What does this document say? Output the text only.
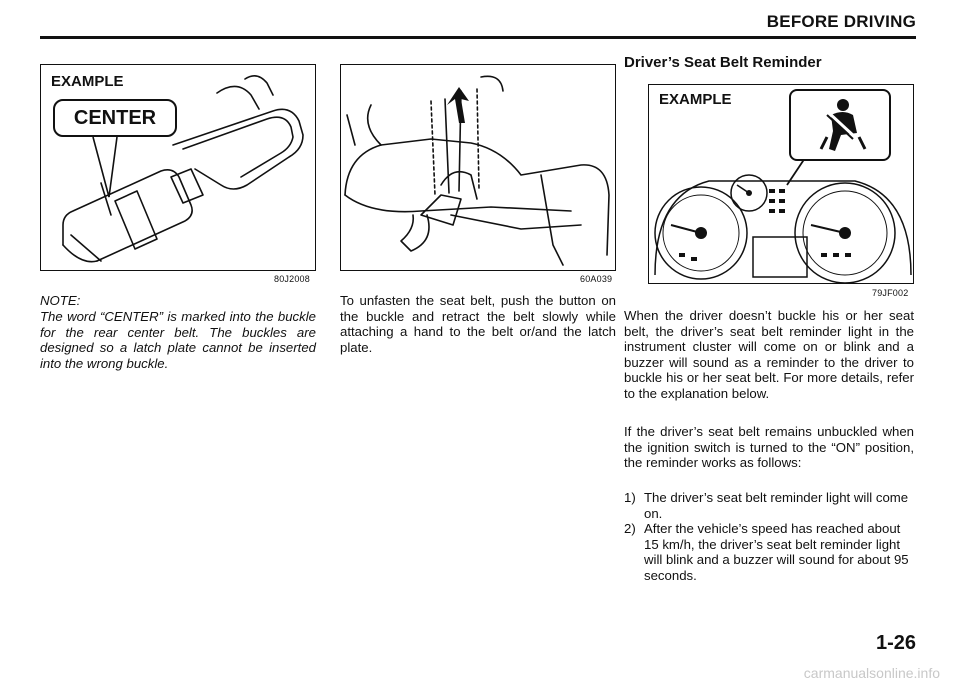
BEFORE DRIVING
EXAMPLE
CENTER
80J2008	60A039
EXAMPLE
79JF002
NOTE:
The word “CENTER” is marked into the buckle for the rear center belt. The buckles are designed so a latch plate cannot be inserted into the wrong buckle.
To unfasten the seat belt, push the button on the buckle and retract the belt slowly while attaching a hand to the belt or/and the latch plate.
Driver’s Seat Belt Reminder
When the driver doesn’t buckle his or her seat belt, the driver’s seat belt reminder light in the instrument cluster will come on or blink and a buzzer will sound as a reminder to the driver to buckle his or her seat belt. For more details, refer to the explanation below.
If the driver’s seat belt remains unbuckled when the ignition switch is turned to the “ON” position, the reminder works as follows:
1) The driver’s seat belt reminder light will come on.
2) After the vehicle’s speed has reached about 15 km/h, the driver’s seat belt reminder light will blink and a buzzer will sound for about 95 seconds.
1-26
carmanualsonline.info
